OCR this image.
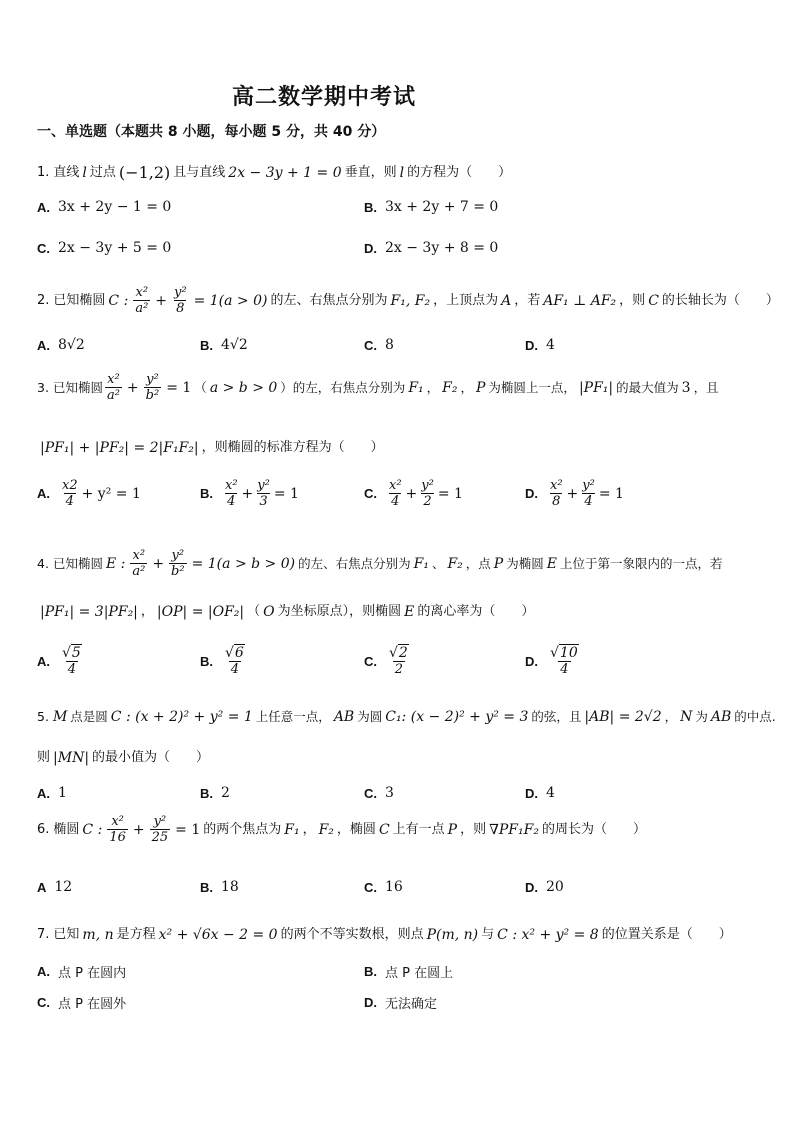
高二数学期中考试
一、单选题（本题共 8 小题，每小题 5 分，共 40 分）
1. 直线 l 过点 (−1,2) 且与直线 2x − 3y + 1 = 0 垂直，则 l 的方程为（　　）
A. 3x + 2y − 1 = 0	B. 3x + 2y + 7 = 0
C. 2x − 3y + 5 = 0	D. 2x − 3y + 8 = 0
2. 已知椭圆 C : $\frac{\text{x²}}{\text{a²}} + \frac{\text{y²}}{8} = 1(a > 0)$ 的左、右焦点分别为 F₁, F₂ ，上顶点为 A ，若 AF₁ ⊥ AF₂ ，则 C 的长轴长为（　　）
A. 8√2	B. 4√2	C. 8	D. 4
3. 已知椭圆 $\frac{\text{x²}}{\text{a²}} + \frac{\text{y²}}{\text{b²}} = 1$ （ a > b > 0 ）的左，右焦点分别为 F₁ ， F₂ ， P 为椭圆上一点， |PF₁| 的最大值为 3 ，且
|PF₁| + |PF₂| = 2|F₁F₂| ，则椭圆的标准方程为（　　）
A. $\frac{x2}{4} + y^2 = 1$	B. $\frac{\text{x²}}{4} + \frac{\text{y²}}{3} = 1$	C. $\frac{\text{x²}}{4} + \frac{\text{y²}}{2} = 1$	D. $\frac{\text{x²}}{8} + \frac{\text{y²}}{4} = 1$
4. 已知椭圆 E : $\frac{\text{x²}}{\text{a²}} + \frac{\text{y²}}{\text{b²}} = 1(a > b > 0)$ 的左、右焦点分别为 F₁ 、 F₂ ，点 P 为椭圆 E 上位于第一象限内的一点，若
|PF₁| = 3|PF₂| ， |OP| = |OF₂| （ O 为坐标原点），则椭圆 E 的离心率为（　　）
A. $\frac{√5}{4}$	B. $\frac{√6}{4}$	C. $\frac{√2}{2}$	D. $\frac{√10}{4}$
5. M 点是圆 C : (x + 2)² + y² = 1 上任意一点， AB 为圆 C₁: (x − 2)² + y² = 3 的弦，且 |AB| = 2√2 ， N 为 AB 的中点.
则 |MN| 的最小值为（　　）
A. 1	B. 2	C. 3	D. 4
6. 椭圆 C : $\frac{\text{x²}}{16} + \frac{\text{y²}}{25} = 1$ 的两个焦点为 F₁ ， F₂ ，椭圆 C 上有一点 P ，则 ∇PF₁F₂ 的周长为（　　）
A 12	B. 18	C. 16	D. 20
7. 已知 m, n 是方程 x² + √6x − 2 = 0 的两个不等实数根，则点 P(m, n) 与 C : x² + y² = 8 的位置关系是（　　）
A. 点 P 在圆内	B. 点 P 在圆上
C. 点 P 在圆外	D. 无法确定
